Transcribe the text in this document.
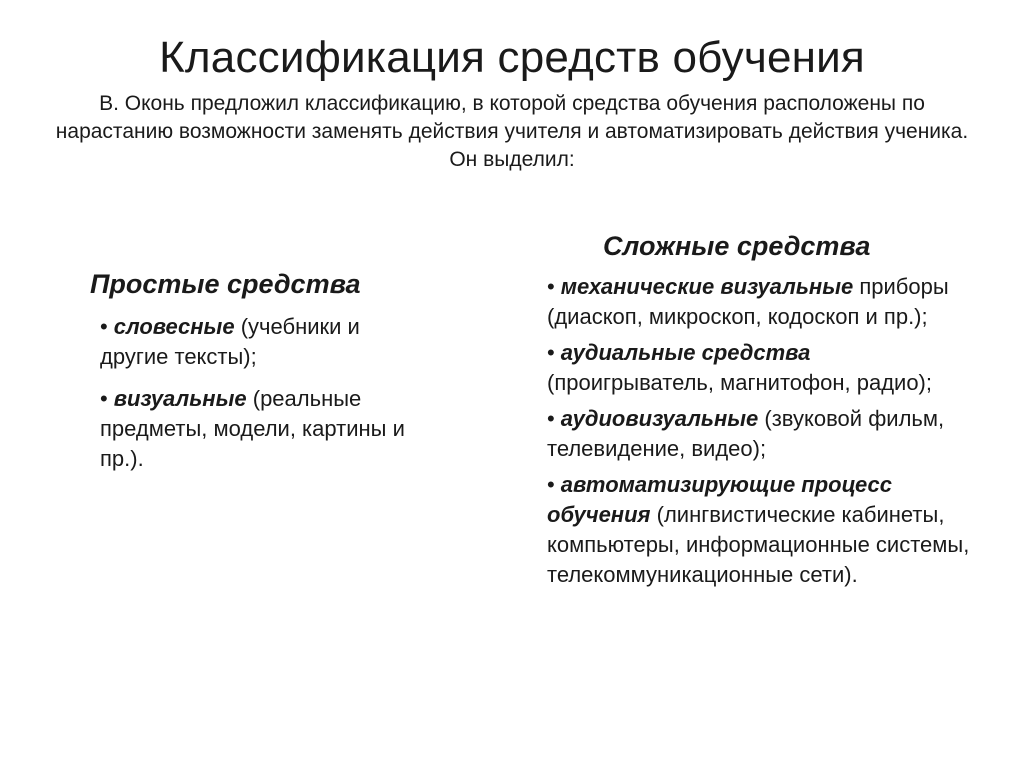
Классификация средств обучения
В. Оконь предложил классификацию, в которой средства обучения расположены по нарастанию возможности заменять действия учителя и автоматизировать действия ученика. Он выделил:
Простые средства
• словесные (учебники и другие тексты);
• визуальные (реальные предметы, модели, картины и пр.).
Сложные средства
• механические визуальные приборы (диаскоп, микроскоп, кодоскоп и пр.);
• аудиальные средства (проигрыватель, магнитофон, радио);
• аудиовизуальные (звуковой фильм, телевидение, видео);
• автоматизирующие процесс обучения (лингвистические кабинеты, компьютеры, информационные системы, телекоммуникационные сети).
